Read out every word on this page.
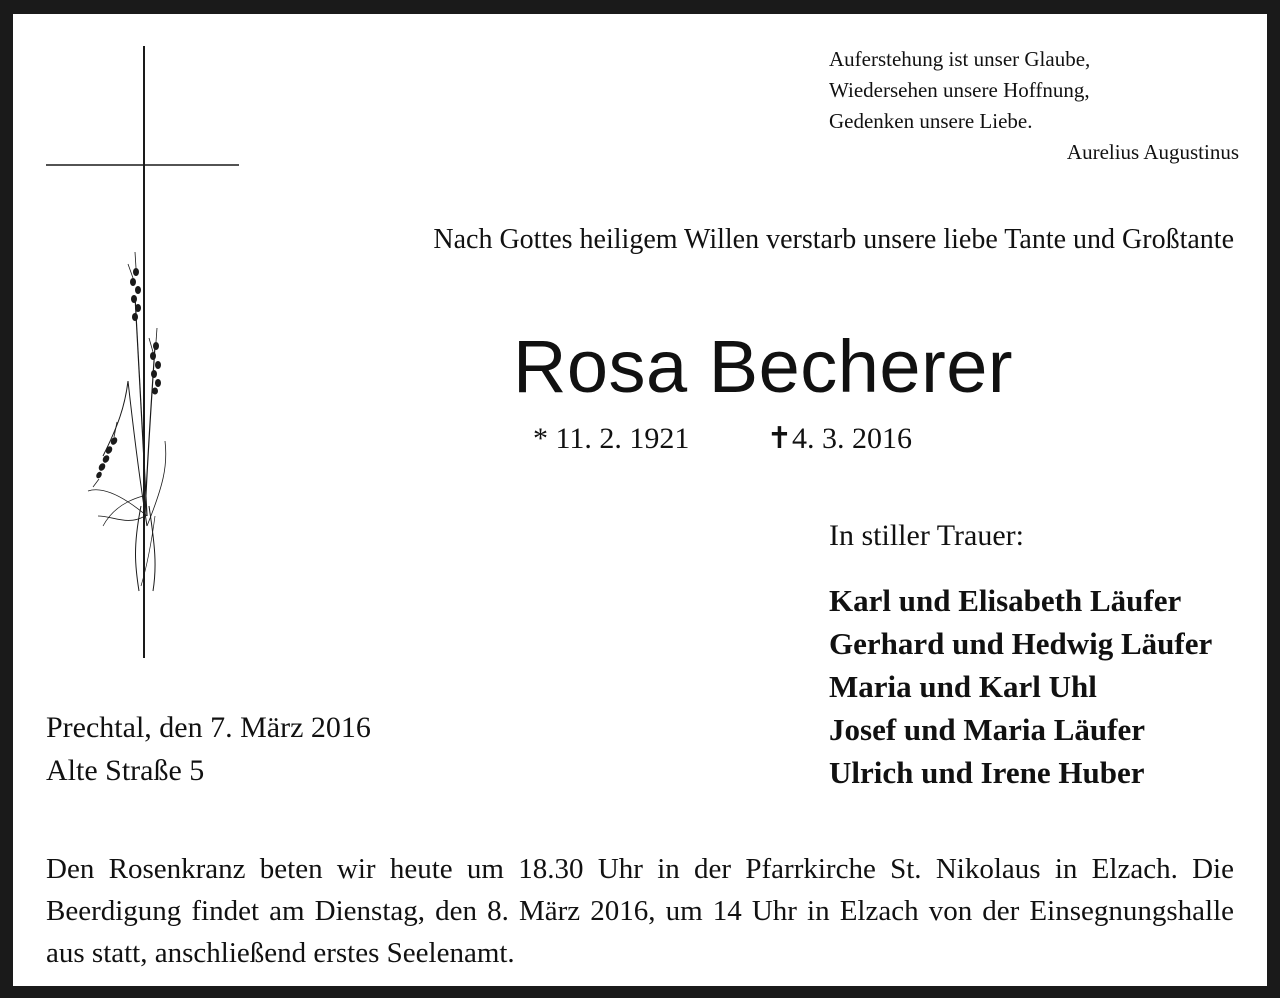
Auferstehung ist unser Glaube,
Wiedersehen unsere Hoffnung,
Gedenken unsere Liebe.
Aurelius Augustinus
Nach Gottes heiligem Willen verstarb unsere liebe Tante und Großtante
Rosa Becherer
* 11. 2. 1921	✝4. 3. 2016
In stiller Trauer:
Karl und Elisabeth Läufer
Gerhard und Hedwig Läufer
Maria und Karl Uhl
Josef und Maria Läufer
Ulrich und Irene Huber
Prechtal, den 7. März 2016
Alte Straße 5
Den Rosenkranz beten wir heute um 18.30 Uhr in der Pfarrkirche St. Nikolaus in Elzach. Die Beerdigung findet am Dienstag, den 8. März 2016, um 14 Uhr in Elzach von der Einsegnungshalle aus statt, anschließend erstes Seelenamt.
